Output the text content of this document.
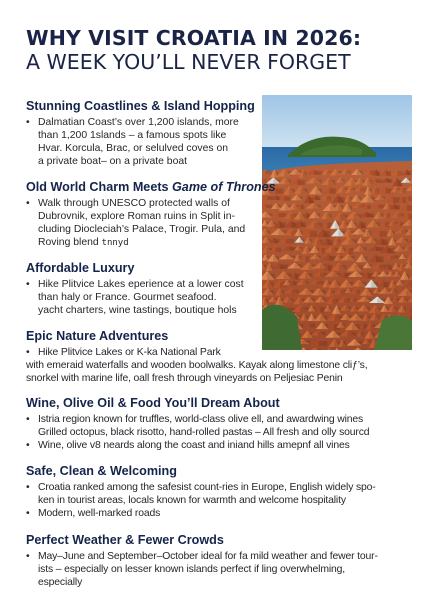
WHY VISIT CROATIA IN 2026:
A WEEK YOU’LL NEVER FORGET
Stunning Coastlines & Island Hopping
• Dalmatian Coast’s over 1,200 islands, more
than 1,200 1slands – a famous spots like
Hvar. Korcula, Brac, or selulved coves on
a private boat– on a private boat
Old World Charm Meets Game of Thrones
• Walk through UNESCO protected walls of
Dubrovnik, explore Roman ruins in Split in-
cluding Diocleciah’s Palace, Trogir. Pula, and
Roving blend tnnyd
Affordable Luxury
• Hike Plitvice Lakes eperience at a lower cost
than haly or France. Gourmet seafood.
yacht charters, wine tastings, boutique hols
Epic Nature Adventures
• Hike Plitvice Lakes or K-ka National Park
with emeraid waterfalls and wooden boolwalks. Kayak along limestone cliƒ’s,
snorkel with marine life, oall fresh through vineyards on Peljesiac Penin
Wine, Olive Oil & Food You’ll Dream About
• Istria region known for truffles, world-class olive ell, and awardwing wines
Grilled octopus, black risotto, hand-rolled pastas – All fresh and olly sourcd
• Wine, olive v8 neards along the coast and iniand hills amepnf all vines
Safe, Clean & Welcoming
• Croatia ranked among the safesist count-ries in Europe, English widely spo-
ken in tourist areas, locals known for warmth and welcome hospitality
• Modern, well-marked roads
Perfect Weather & Fewer Crowds
• May–June and September–October ideal for fa mild weather and fewer tour-
ists – especially on lesser known islands perfect if ling overwhelming,
especially
